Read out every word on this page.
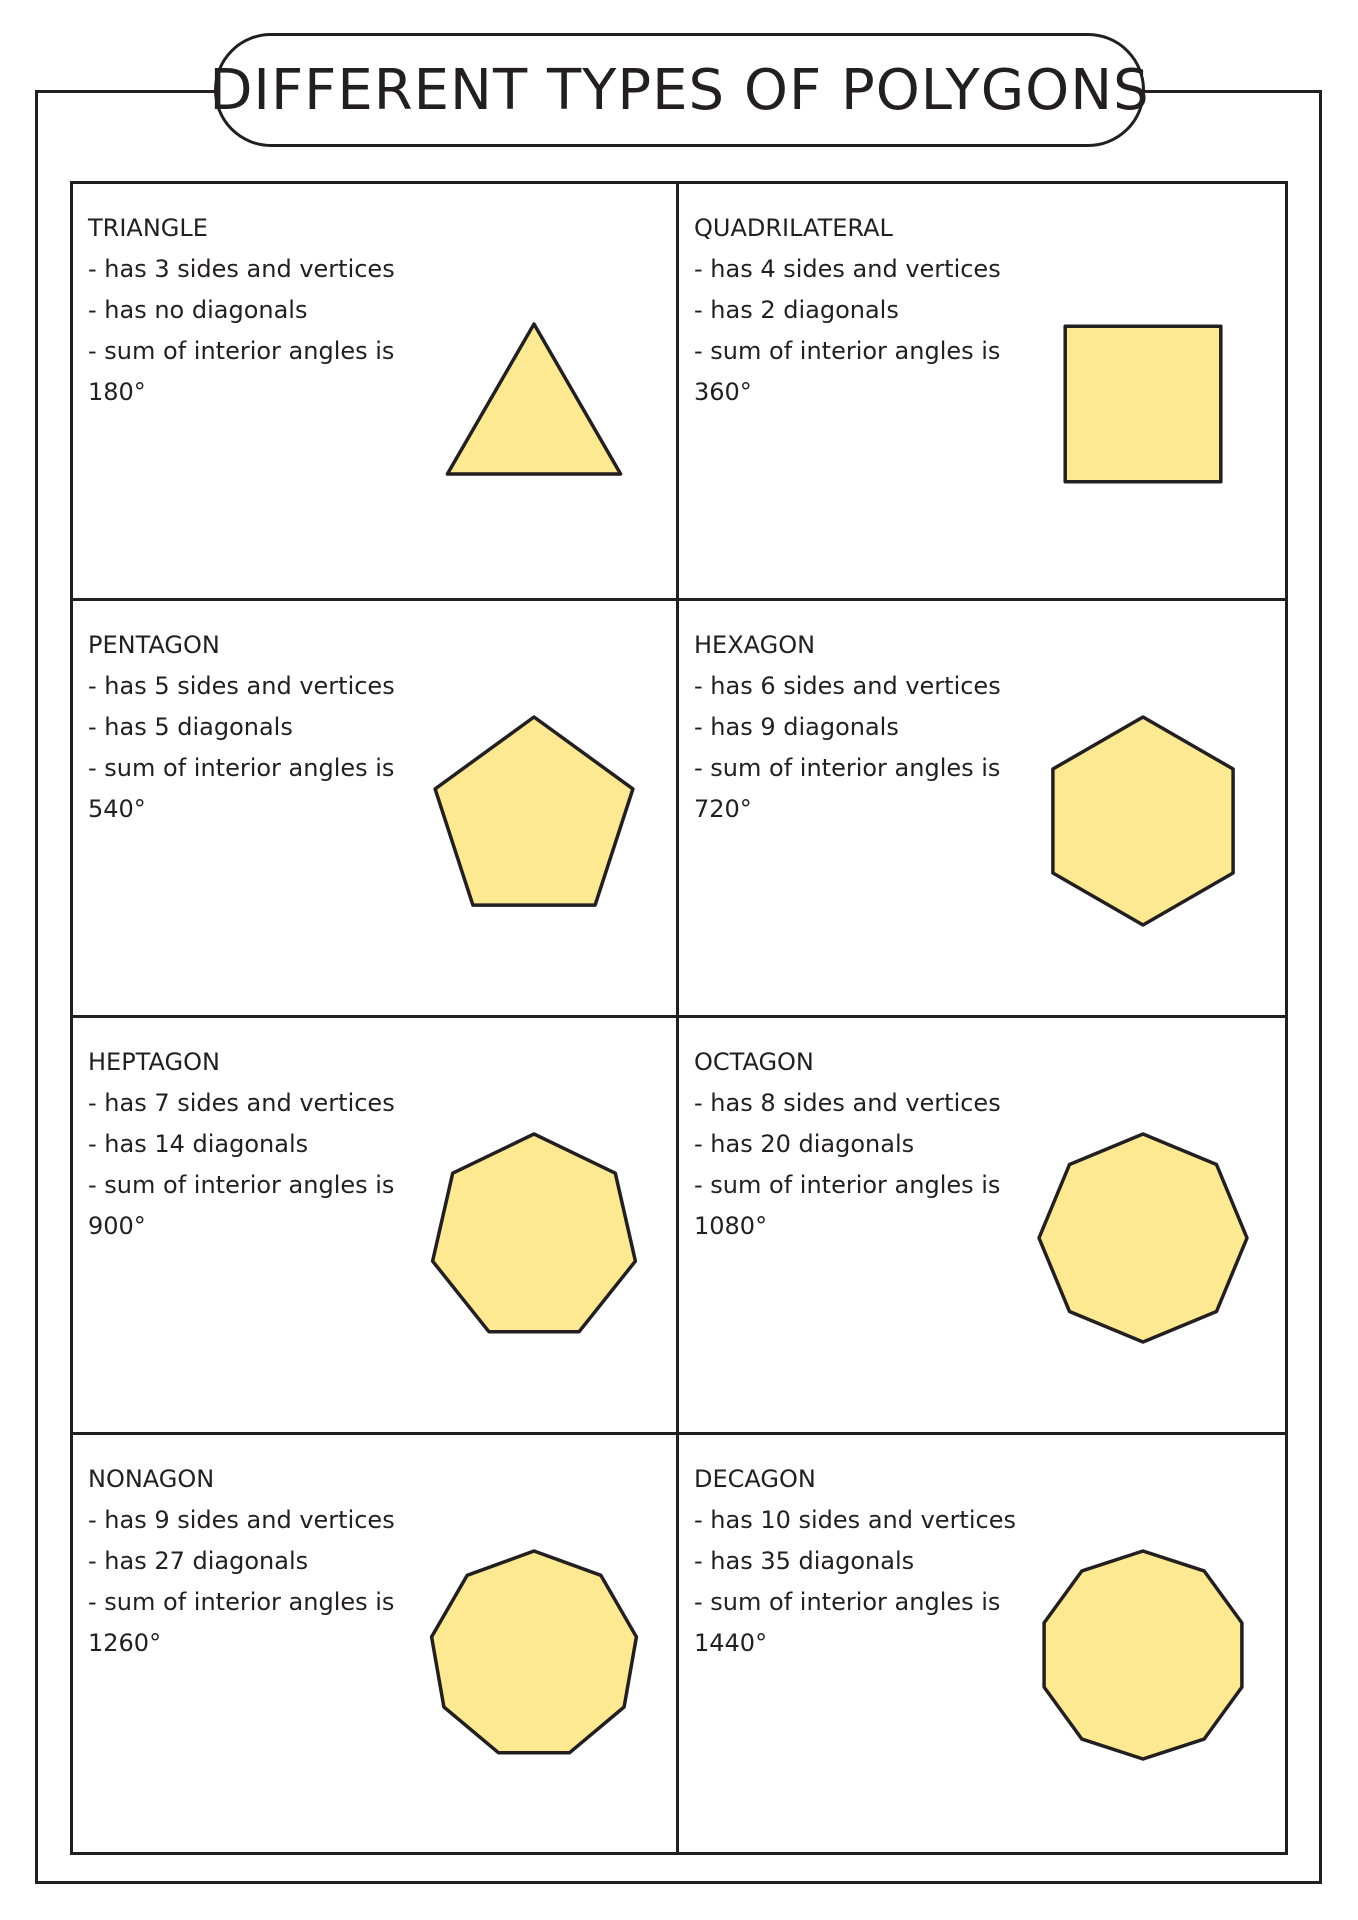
DIFFERENT TYPES OF POLYGONS
TRIANGLE
- has 3 sides and vertices
- has no diagonals
- sum of interior angles is
180°
QUADRILATERAL
- has 4 sides and vertices
- has 2 diagonals
- sum of interior angles is
360°
PENTAGON
- has 5 sides and vertices
- has 5 diagonals
- sum of interior angles is
540°
HEXAGON
- has 6 sides and vertices
- has 9 diagonals
- sum of interior angles is
720°
HEPTAGON
- has 7 sides and vertices
- has 14 diagonals
- sum of interior angles is
900°
OCTAGON
- has 8 sides and vertices
- has 20 diagonals
- sum of interior angles is
1080°
NONAGON
- has 9 sides and vertices
- has 27 diagonals
- sum of interior angles is
1260°
DECAGON
- has 10 sides and vertices
- has 35 diagonals
- sum of interior angles is
1440°
